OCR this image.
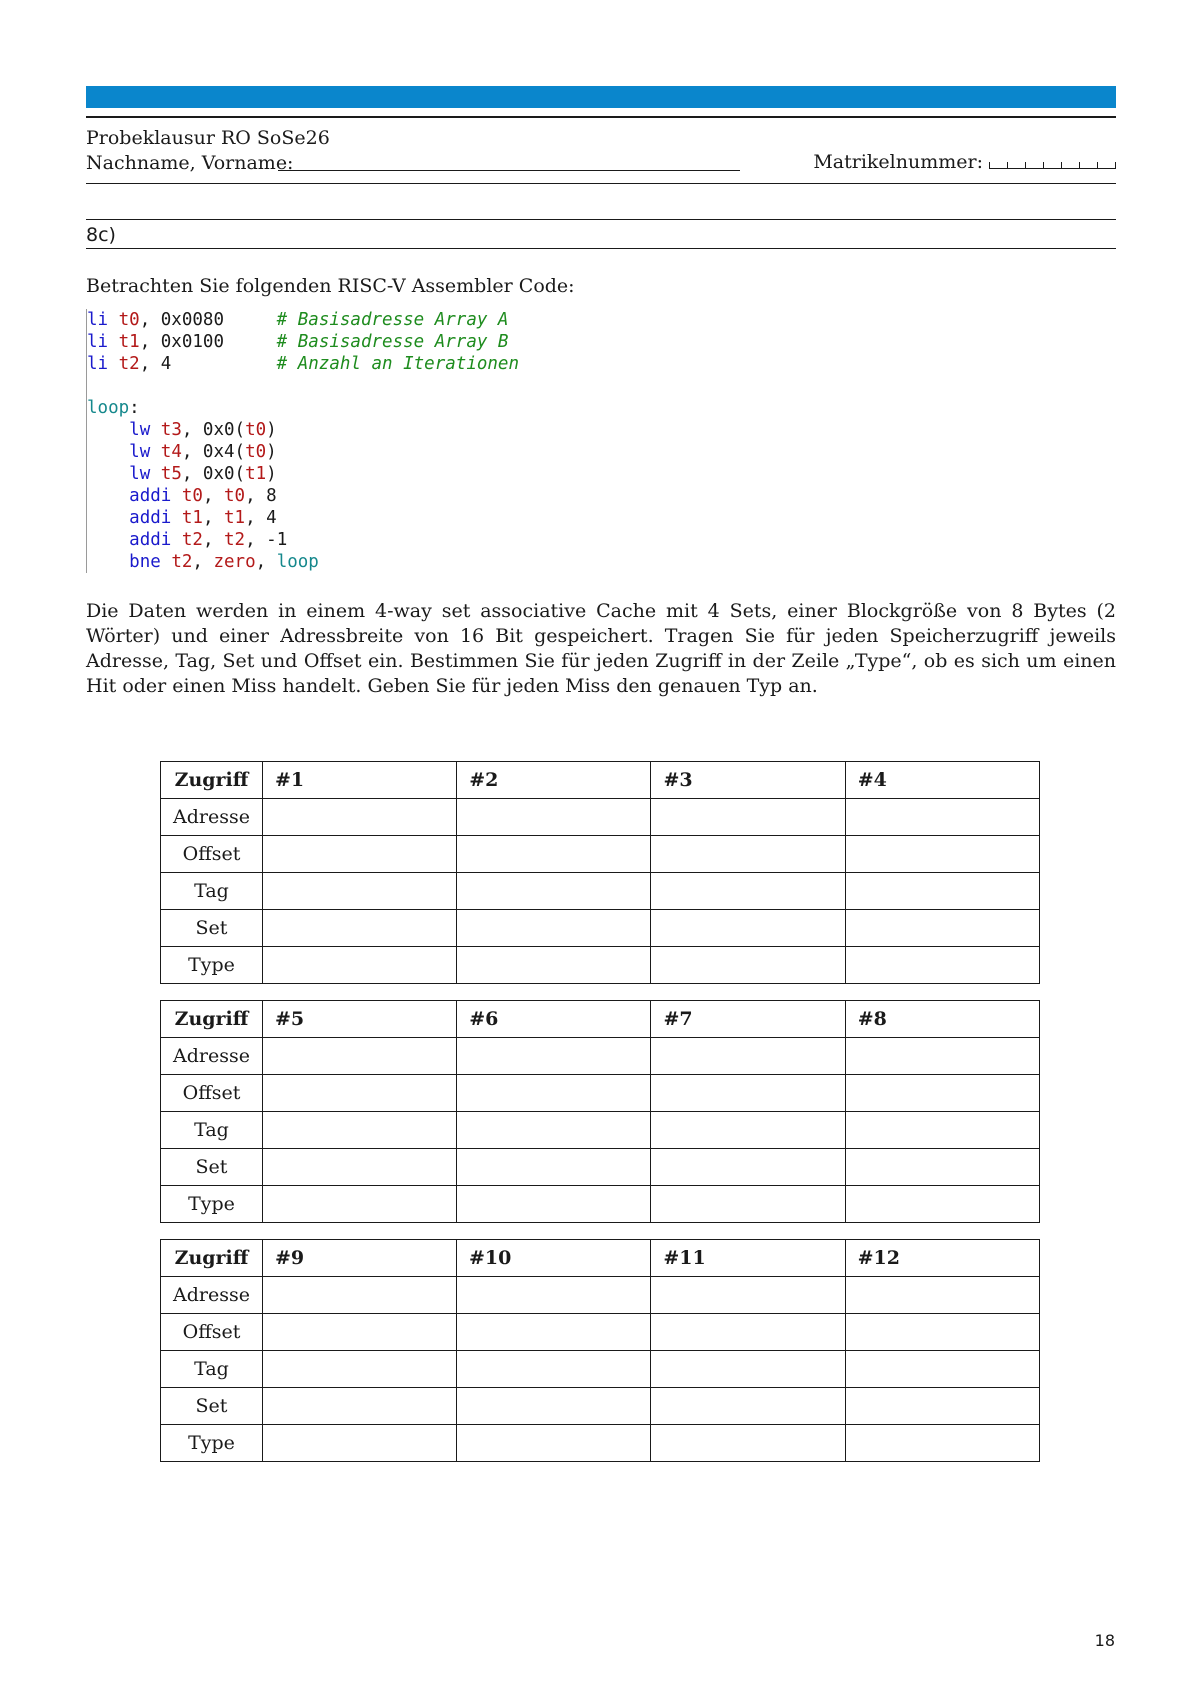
Probeklausur RO SoSe26
Nachname, Vorname:	Matrikelnummer:
8c)
Betrachten Sie folgenden RISC-V Assembler Code:
li t0, 0x0080     # Basisadresse Array A
li t1, 0x0100     # Basisadresse Array B
li t2, 4          # Anzahl an Iterationen
loop:
lw t3, 0x0(t0)
lw t4, 0x4(t0)
lw t5, 0x0(t1)
addi t0, t0, 8
addi t1, t1, 4
addi t2, t2, -1
bne t2, zero, loop
Die Daten werden in einem 4-way set associative Cache mit 4 Sets, einer Blockgröße von 8 Bytes (2 Wörter) und einer Adressbreite von 16 Bit gespeichert. Tragen Sie für jeden Speicherzugriff jeweils Adresse, Tag, Set und Offset ein. Bestimmen Sie für jeden Zugriff in der Zeile „Type“, ob es sich um einen Hit oder einen Miss handelt. Geben Sie für jeden Miss den genauen Typ an.
Zugriff	#1	#2	#3	#4
Adresse				
Offset				
Tag				
Set				
Type				
Zugriff	#5	#6	#7	#8
Adresse				
Offset				
Tag				
Set				
Type				
Zugriff	#9	#10	#11	#12
Adresse				
Offset				
Tag				
Set				
Type				
18
